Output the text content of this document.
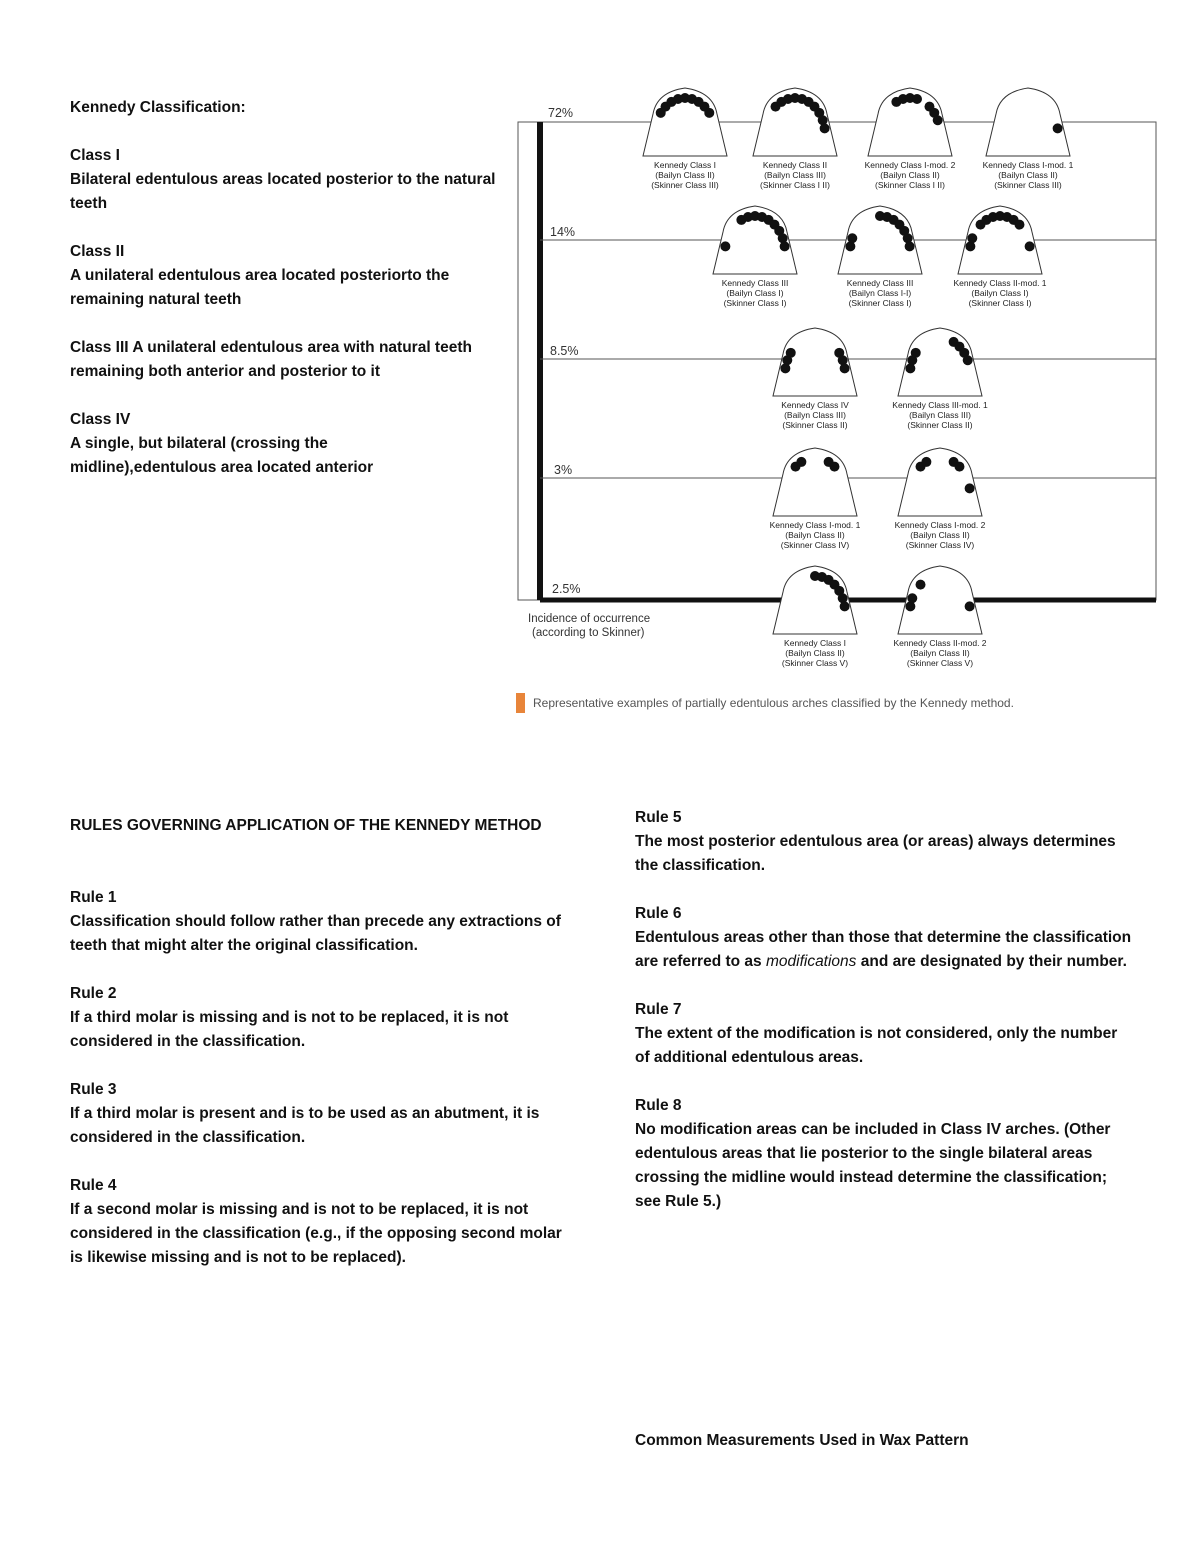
Kennedy Classification:

Class I

Bilateral edentulous areas located posterior to the natural teeth

Class II

A unilateral edentulous area located posteriorto the remaining natural teeth

Class III A unilateral edentulous area with natural teeth remaining both anterior and posterior to it

Class IV

A single, but bilateral (crossing the midline),edentulous area located anterior

72%
14%
8.5%
3%
2.5%
Incidence of occurrence
(according to Skinner)
Representative examples of partially edentulous arches classified by the Kennedy method.
Kennedy Class I
(Bailyn Class II)
(Skinner Class III)
Kennedy Class II
(Bailyn Class III)
(Skinner Class I II)
Kennedy Class I-mod. 2
(Bailyn Class II)
(Skinner Class I II)
Kennedy Class I-mod. 1
(Bailyn Class II)
(Skinner Class III)
Kennedy Class III
(Bailyn Class I)
(Skinner Class I)
Kennedy Class III
(Bailyn Class I-I)
(Skinner Class I)
Kennedy Class II-mod. 1
(Bailyn Class I)
(Skinner Class I)
Kennedy Class IV
(Bailyn Class III)
(Skinner Class II)
Kennedy Class III-mod. 1
(Bailyn Class III)
(Skinner Class II)
Kennedy Class I-mod. 1
(Bailyn Class II)
(Skinner Class IV)
Kennedy Class I-mod. 2
(Bailyn Class II)
(Skinner Class IV)
Kennedy Class I
(Bailyn Class II)
(Skinner Class V)
Kennedy Class II-mod. 2
(Bailyn Class II)
(Skinner Class V)

RULES GOVERNING APPLICATION OF THE KENNEDY METHOD

Rule 1

Classification should follow rather than precede any extractions of teeth that might alter the original classification.

Rule 2

If a third molar is missing and is not to be replaced, it is not considered in the classification.

Rule 3

If a third molar is present and is to be used as an abutment, it is considered in the classification.

Rule 4

If a second molar is missing and is not to be replaced, it is not considered in the classification (e.g., if the opposing second molar is likewise missing and is not to be replaced).

Rule 5

The most posterior edentulous area (or areas) always determines the classification.

Rule 6

Edentulous areas other than those that determine the classification are referred to as modifications and are designated by their number.

Rule 7

The extent of the modification is not considered, only the number of additional edentulous areas.

Rule 8

No modification areas can be included in Class IV arches. (Other edentulous areas that lie posterior to the single bilateral areas crossing the midline would instead determine the classification; see Rule 5.)

Common Measurements Used in Wax Pattern
